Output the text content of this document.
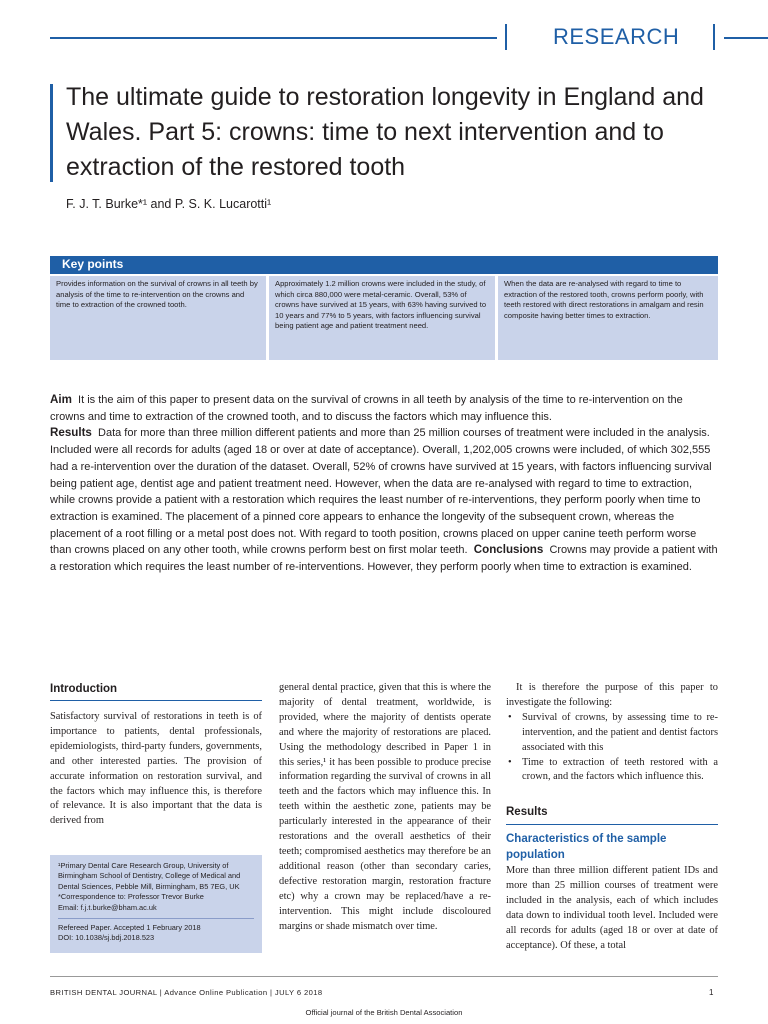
RESEARCH
The ultimate guide to restoration longevity in England and Wales. Part 5: crowns: time to next intervention and to extraction of the restored tooth
F. J. T. Burke*¹ and P. S. K. Lucarotti¹
Key points
Provides information on the survival of crowns in all teeth by analysis of the time to re-intervention on the crowns and time to extraction of the crowned tooth.
Approximately 1.2 million crowns were included in the study, of which circa 880,000 were metal-ceramic. Overall, 53% of crowns have survived at 15 years, with 63% having survived to 10 years and 77% to 5 years, with factors influencing survival being patient age and patient treatment need.
When the data are re-analysed with regard to time to extraction of the restored tooth, crowns perform poorly, with teeth restored with direct restorations in amalgam and resin composite having better times to extraction.
Aim It is the aim of this paper to present data on the survival of crowns in all teeth by analysis of the time to re-intervention on the crowns and time to extraction of the crowned tooth, and to discuss the factors which may influence this.
Results Data for more than three million different patients and more than 25 million courses of treatment were included in the analysis. Included were all records for adults (aged 18 or over at date of acceptance). Overall, 1,202,005 crowns were included, of which 302,555 had a re-intervention over the duration of the dataset. Overall, 52% of crowns have survived at 15 years, with factors influencing survival being patient age, dentist age and patient treatment need. However, when the data are re-analysed with regard to time to extraction, while crowns provide a patient with a restoration which requires the least number of re-interventions, they perform poorly when time to extraction is examined. The placement of a pinned core appears to enhance the longevity of the subsequent crown, whereas the placement of a root filling or a metal post does not. With regard to tooth position, crowns placed on upper canine teeth perform worse than crowns placed on any other tooth, while crowns perform best on first molar teeth. Conclusions Crowns may provide a patient with a restoration which requires the least number of re-interventions. However, they perform poorly when time to extraction is examined.
Introduction

Satisfactory survival of restorations in teeth is of importance to patients, dental professionals, epidemiologists, third-party funders, governments, and other interested parties. The provision of accurate information on restoration survival, and the factors which may influence this, is therefore of relevance. It is also important that the data is derived from

¹Primary Dental Care Research Group, University of Birmingham School of Dentistry, College of Medical and Dental Sciences, Pebble Mill, Birmingham, B5 7EG, UK
*Correspondence to: Professor Trevor Burke
Email: f.j.t.burke@bham.ac.uk
Refereed Paper. Accepted 1 February 2018
DOI: 10.1038/sj.bdj.2018.523

general dental practice, given that this is where the majority of dental treatment, worldwide, is provided, where the majority of dentists operate and where the majority of restorations are placed. Using the methodology described in Paper 1 in this series,¹ it has been possible to produce precise information regarding the survival of crowns in all teeth and the factors which may influence this. In teeth within the aesthetic zone, patients may be particularly interested in the appearance of their restorations and the overall aesthetics of their teeth; compromised aesthetics may therefore be an additional reason (other than secondary caries, defective restoration margin, restoration fracture etc) why a crown may be replaced/have a re-intervention. This might include discoloured margins or shade mismatch over time.

It is therefore the purpose of this paper to investigate the following:

• Survival of crowns, by assessing time to re-intervention, and the patient and dentist factors associated with this
• Time to extraction of teeth restored with a crown, and the factors which influence this.
Results
Characteristics of the sample population

More than three million different patient IDs and more than 25 million courses of treatment were included in the analysis, each of which includes data down to individual tooth level. Included were all records for adults (aged 18 or over at date of acceptance). Of these, a total

BRITISH DENTAL JOURNAL | Advance Online Publication | JULY 6 2018	1
Official journal of the British Dental Association
